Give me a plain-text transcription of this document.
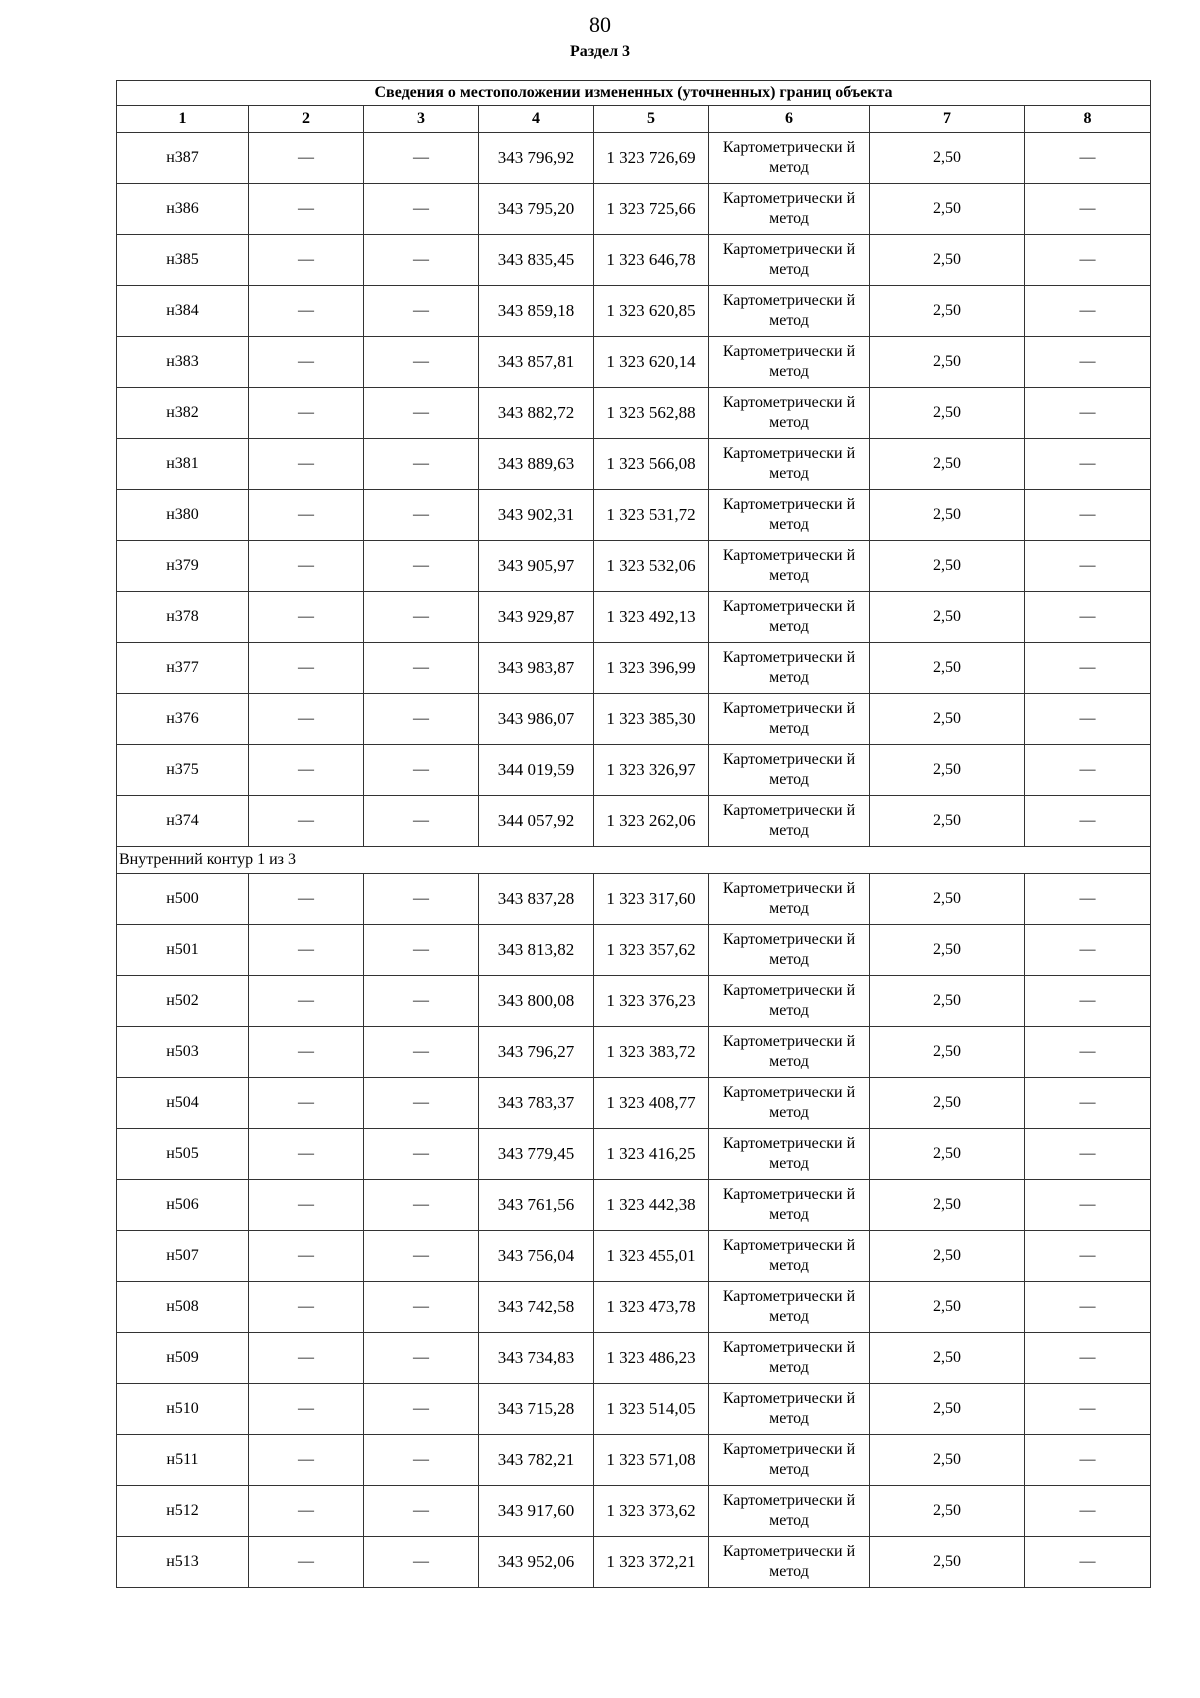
80
Раздел 3
Сведения о местоположении измененных (уточненных) границ объекта							
1	2	3	4	5	6	7	8
н387	—	—	343 796,92	1 323 726,69	Картометрически й метод	2,50	—
н386	—	—	343 795,20	1 323 725,66	Картометрически й метод	2,50	—
н385	—	—	343 835,45	1 323 646,78	Картометрически й метод	2,50	—
н384	—	—	343 859,18	1 323 620,85	Картометрически й метод	2,50	—
н383	—	—	343 857,81	1 323 620,14	Картометрически й метод	2,50	—
н382	—	—	343 882,72	1 323 562,88	Картометрически й метод	2,50	—
н381	—	—	343 889,63	1 323 566,08	Картометрически й метод	2,50	—
н380	—	—	343 902,31	1 323 531,72	Картометрически й метод	2,50	—
н379	—	—	343 905,97	1 323 532,06	Картометрически й метод	2,50	—
н378	—	—	343 929,87	1 323 492,13	Картометрически й метод	2,50	—
н377	—	—	343 983,87	1 323 396,99	Картометрически й метод	2,50	—
н376	—	—	343 986,07	1 323 385,30	Картометрически й метод	2,50	—
н375	—	—	344 019,59	1 323 326,97	Картометрически й метод	2,50	—
н374	—	—	344 057,92	1 323 262,06	Картометрически й метод	2,50	—
Внутренний контур 1 из 3							
н500	—	—	343 837,28	1 323 317,60	Картометрически й метод	2,50	—
н501	—	—	343 813,82	1 323 357,62	Картометрически й метод	2,50	—
н502	—	—	343 800,08	1 323 376,23	Картометрически й метод	2,50	—
н503	—	—	343 796,27	1 323 383,72	Картометрически й метод	2,50	—
н504	—	—	343 783,37	1 323 408,77	Картометрически й метод	2,50	—
н505	—	—	343 779,45	1 323 416,25	Картометрически й метод	2,50	—
н506	—	—	343 761,56	1 323 442,38	Картометрически й метод	2,50	—
н507	—	—	343 756,04	1 323 455,01	Картометрически й метод	2,50	—
н508	—	—	343 742,58	1 323 473,78	Картометрически й метод	2,50	—
н509	—	—	343 734,83	1 323 486,23	Картометрически й метод	2,50	—
н510	—	—	343 715,28	1 323 514,05	Картометрически й метод	2,50	—
н511	—	—	343 782,21	1 323 571,08	Картометрически й метод	2,50	—
н512	—	—	343 917,60	1 323 373,62	Картометрически й метод	2,50	—
н513	—	—	343 952,06	1 323 372,21	Картометрически й метод	2,50	—
